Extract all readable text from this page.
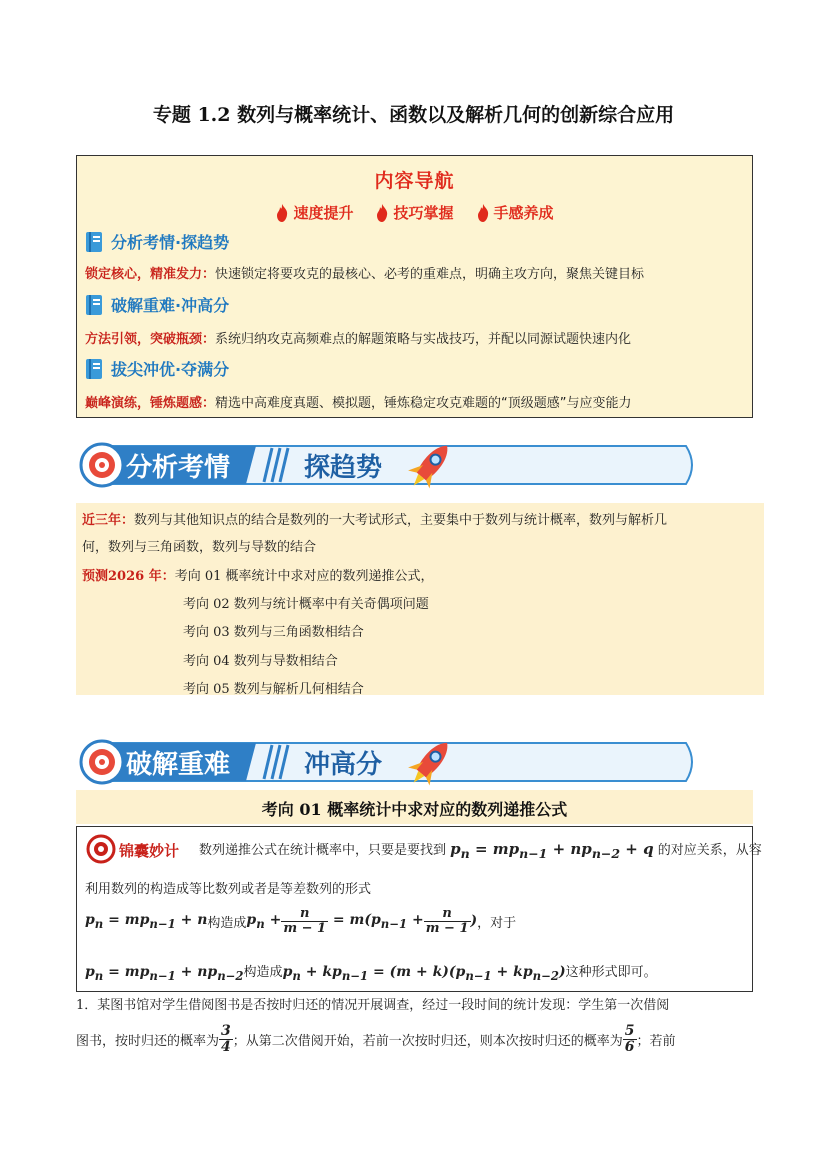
专题 1.2 数列与概率统计、函数以及解析几何的创新综合应用
内容导航
速度提升	技巧掌握	手感养成
分析考情·探趋势
锁定核心，精准发力：快速锁定将要攻克的最核心、必考的重难点，明确主攻方向，聚焦关键目标
破解重难·冲高分
方法引领，突破瓶颈：系统归纳攻克高频难点的解题策略与实战技巧，并配以同源试题快速内化
拔尖冲优·夺满分
巅峰演练，锤炼题感：精选中高难度真题、模拟题，锤炼稳定攻克难题的“顶级题感”与应变能力
分析考情	探趋势
近三年：数列与其他知识点的结合是数列的一大考试形式，主要集中于数列与统计概率，数列与解析几
何，数列与三角函数，数列与导数的结合
预测2026 年：考向 01 概率统计中求对应的数列递推公式，
考向 02 数列与统计概率中有关奇偶项问题
考向 03 数列与三角函数相结合
考向 04 数列与导数相结合
考向 05 数列与解析几何相结合
破解重难	冲高分
考向 01 概率统计中求对应的数列递推公式
锦囊妙计 数列递推公式在统计概率中，只要是要找到 $p_n = mp_{n-1} + np_{n-2} + q$ 的对应关系，从容
利用数列的构造成等比数列或者是等差数列的形式
$p_n = mp_{n-1} + n$ 构造成 $p_n + \frac{n}{m - 1} = m(p_{n-1} + \frac{n}{m - 1}$ ) ，对于
$p_n = mp_{n-1} + np_{n-2}$构造成$p_n + kp_{n-1} = (m + k)(p_{n-1} + kp_{n-2})$这种形式即可。
1．某图书馆对学生借阅图书是否按时归还的情况开展调查，经过一段时间的统计发现：学生第一次借阅
图书，按时归还的概率为 $\frac{3}{4}$ ；从第二次借阅开始，若前一次按时归还，则本次按时归还的概率为 $\frac{5}{6}$ ；若前
